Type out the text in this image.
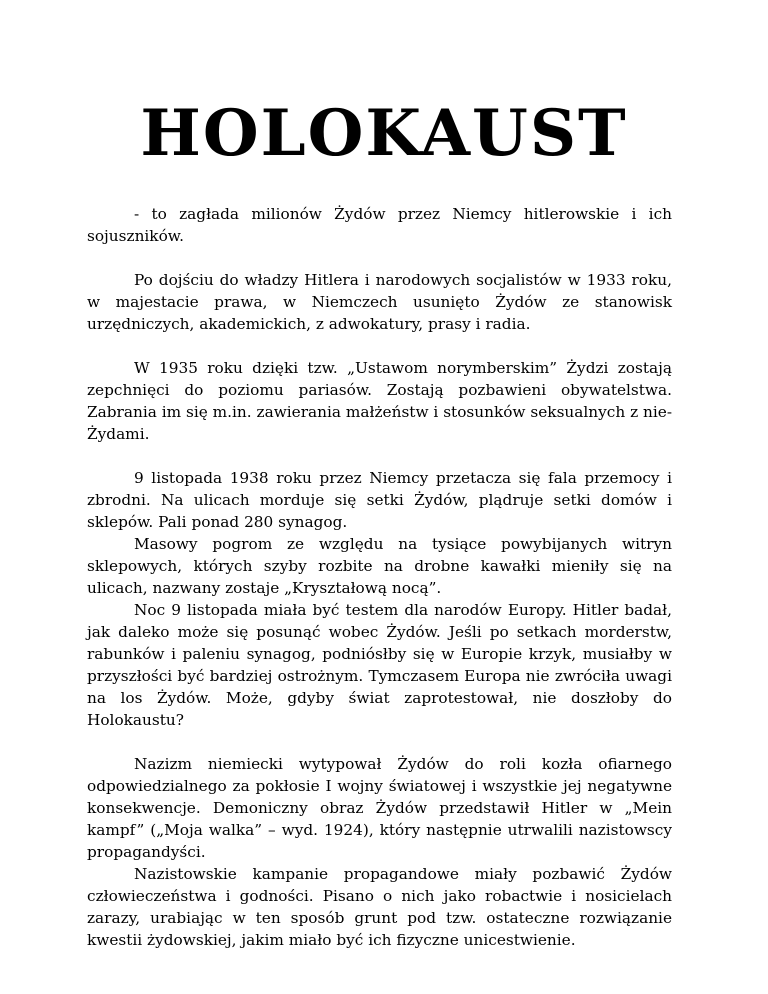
HOLOKAUST

- to zagłada milionów Żydów przez Niemcy hitlerowskie i ich sojuszników.

Po dojściu do władzy Hitlera i narodowych socjalistów w 1933 roku, w majestacie prawa, w Niemczech usunięto Żydów ze stanowisk urzędniczych, akademickich, z adwokatury, prasy i radia.

W 1935 roku dzięki tzw. „Ustawom norymberskim” Żydzi zostają zepchnięci do poziomu pariasów. Zostają pozbawieni obywatelstwa. Zabrania im się m.in. zawierania małżeństw i stosunków seksualnych z nie-Żydami.

9 listopada 1938 roku przez Niemcy przetacza się fala przemocy i zbrodni. Na ulicach morduje się setki Żydów, plądruje setki domów i sklepów. Pali ponad 280 synagog.

Masowy pogrom ze względu na tysiące powybijanych witryn sklepowych, których szyby rozbite na drobne kawałki mieniły się na ulicach, nazwany zostaje „Kryształową nocą”.

Noc 9 listopada miała być testem dla narodów Europy. Hitler badał, jak daleko może się posunąć wobec Żydów. Jeśli po setkach morderstw, rabunków i paleniu synagog, podniósłby się w Europie krzyk, musiałby w przyszłości być bardziej ostrożnym. Tymczasem Europa nie zwróciła uwagi na los Żydów. Może, gdyby świat zaprotestował, nie doszłoby do Holokaustu?

Nazizm niemiecki wytypował Żydów do roli kozła ofiarnego odpowiedzialnego za pokłosie I wojny światowej i wszystkie jej negatywne konsekwencje. Demoniczny obraz Żydów przedstawił Hitler w „Mein kampf” („Moja walka” – wyd. 1924), który następnie utrwalili nazistowscy propagandyści.

Nazistowskie kampanie propagandowe miały pozbawić Żydów człowieczeństwa i godności. Pisano o nich jako robactwie i nosicielach zarazy, urabiając w ten sposób grunt pod tzw. ostateczne rozwiązanie kwestii żydowskiej, jakim miało być ich fizyczne unicestwienie.
